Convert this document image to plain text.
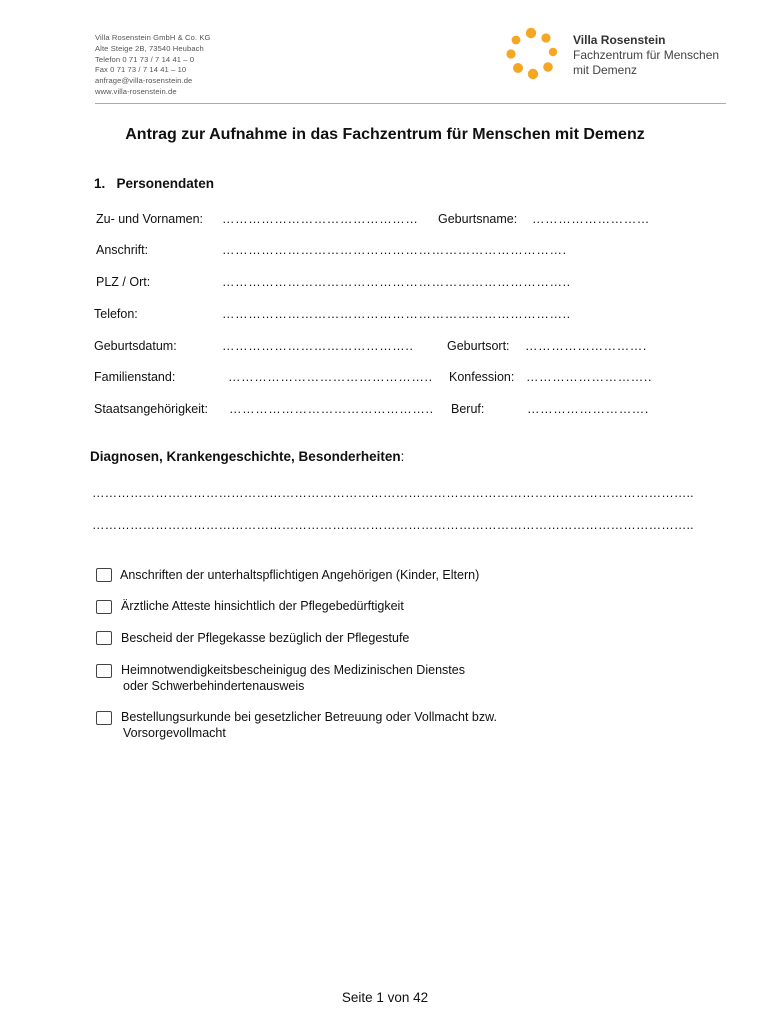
Villa Rosenstein GmbH & Co. KG
Alte Steige 2B, 73540 Heubach
Telefon 0 71 73 / 7 14 41 – 0
Fax 0 71 73 / 7 14 41 – 10
anfrage@villa-rosenstein.de
www.villa-rosenstein.de
Villa Rosenstein
Fachzentrum für Menschen
mit Demenz
Antrag zur Aufnahme in das Fachzentrum für Menschen mit Demenz
1.   Personendaten
Zu- und Vornamen: ……………………………………… Geburtsname: ………………………
Anschrift:	…………………………………………………………………….
PLZ / Ort:	……………………………………………………………………..
Telefon:	……………………………………………………………………..
Geburtsdatum:	……………………………………..	Geburtsort: ……………………….
Familienstand:	……………………………………….. Konfession: ………………………..
Staatsangehörigkeit: ……………………………………….. Beruf:	……………………….
Diagnosen, Krankengeschichte, Besonderheiten:
……………………………………………………………………………………………………………………………..
……………………………………………………………………………………………………………………………..
Anschriften der unterhaltspflichtigen Angehörigen (Kinder, Eltern)
Ärztliche Atteste hinsichtlich der Pflegebedürftigkeit
Bescheid der Pflegekasse bezüglich der Pflegestufe
Heimnotwendigkeitsbescheinigug des Medizinischen Dienstes
oder Schwerbehindertenausweis
Bestellungsurkunde bei gesetzlicher Betreuung oder Vollmacht bzw.
Vorsorgevollmacht
Seite 1 von 42
